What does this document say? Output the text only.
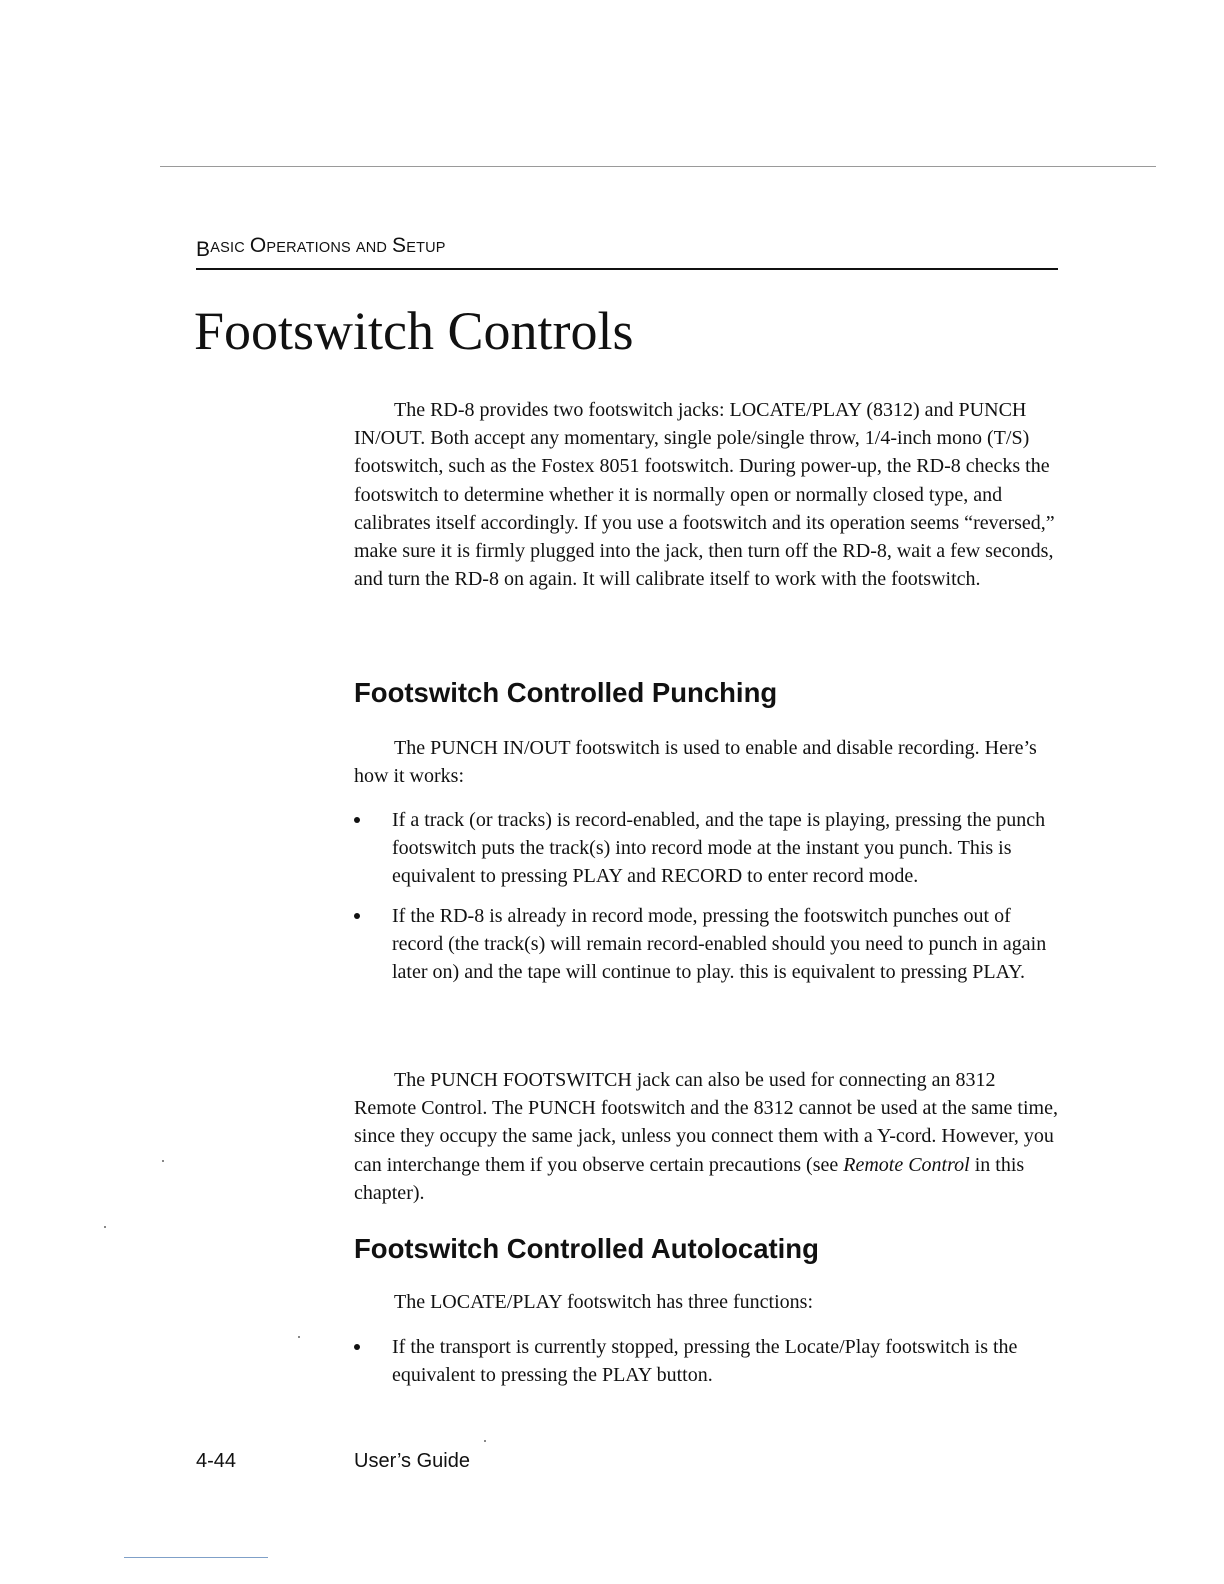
BASIC OPERATIONS AND SETUP
Footswitch Controls

The RD-8 provides two footswitch jacks: LOCATE/PLAY (8312) and PUNCH IN/OUT. Both accept any momentary, single pole/single throw, 1/4-inch mono (T/S) footswitch, such as the Fostex 8051 footswitch. During power-up, the RD-8 checks the footswitch to determine whether it is normally open or normally closed type, and calibrates itself accordingly. If you use a footswitch and its operation seems “reversed,” make sure it is firmly plugged into the jack, then turn off the RD-8, wait a few seconds, and turn the RD-8 on again. It will calibrate itself to work with the footswitch.

Footswitch Controlled Punching

The PUNCH IN/OUT footswitch is used to enable and disable recording. Here’s how it works:

If a track (or tracks) is record-enabled, and the tape is playing, pressing the punch footswitch puts the track(s) into record mode at the instant you punch. This is equivalent to pressing PLAY and RECORD to enter record mode.
If the RD-8 is already in record mode, pressing the footswitch punches out of record (the track(s) will remain record-enabled should you need to punch in again later on) and the tape will continue to play. this is equivalent to pressing PLAY.

The PUNCH FOOTSWITCH jack can also be used for connecting an 8312 Remote Control. The PUNCH footswitch and the 8312 cannot be used at the same time, since they occupy the same jack, unless you connect them with a Y-cord. However, you can interchange them if you observe certain precautions (see Remote Control in this chapter).

Footswitch Controlled Autolocating

The LOCATE/PLAY footswitch has three functions:

If the transport is currently stopped, pressing the Locate/Play footswitch is the equivalent to pressing the PLAY button.
4-44	User’s Guide
